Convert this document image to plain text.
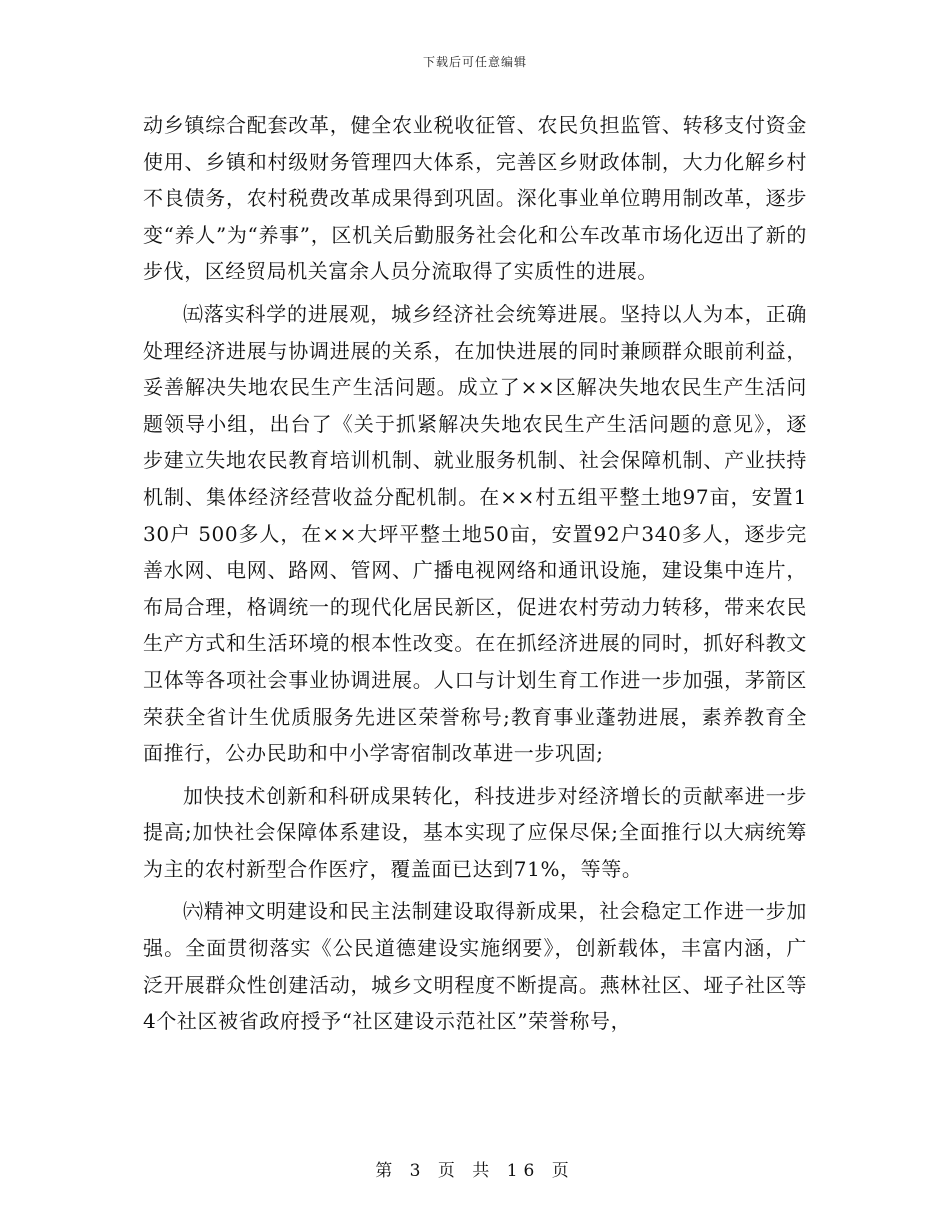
下载后可任意编辑

动乡镇综合配套改革，健全农业税收征管、农民负担监管、转移支付资金使用、乡镇和村级财务管理四大体系，完善区乡财政体制，大力化解乡村不良债务，农村税费改革成果得到巩固。深化事业单位聘用制改革，逐步变“养人”为“养事”，区机关后勤服务社会化和公车改革市场化迈出了新的步伐，区经贸局机关富余人员分流取得了实质性的进展。

㈤落实科学的进展观，城乡经济社会统筹进展。坚持以人为本，正确处理经济进展与协调进展的关系，在加快进展的同时兼顾群众眼前利益，妥善解决失地农民生产生活问题。成立了××区解决失地农民生产生活问题领导小组，出台了《关于抓紧解决失地农民生产生活问题的意见》，逐步建立失地农民教育培训机制、就业服务机制、社会保障机制、产业扶持机制、集体经济经营收益分配机制。在××村五组平整土地97亩，安置130户 500多人，在××大坪平整土地50亩，安置92户340多人，逐步完善水网、电网、路网、管网、广播电视网络和通讯设施，建设集中连片，布局合理，格调统一的现代化居民新区，促进农村劳动力转移，带来农民生产方式和生活环境的根本性改变。在在抓经济进展的同时，抓好科教文卫体等各项社会事业协调进展。人口与计划生育工作进一步加强，茅箭区荣获全省计生优质服务先进区荣誉称号;教育事业蓬勃进展，素养教育全面推行，公办民助和中小学寄宿制改革进一步巩固;

加快技术创新和科研成果转化，科技进步对经济增长的贡献率进一步提高;加快社会保障体系建设，基本实现了应保尽保;全面推行以大病统筹为主的农村新型合作医疗，覆盖面已达到71%，等等。

㈥精神文明建设和民主法制建设取得新成果，社会稳定工作进一步加强。全面贯彻落实《公民道德建设实施纲要》，创新载体，丰富内涵，广泛开展群众性创建活动，城乡文明程度不断提高。燕林社区、垭子社区等4个社区被省政府授予“社区建设示范社区”荣誉称号，

第 3 页 共 16 页
